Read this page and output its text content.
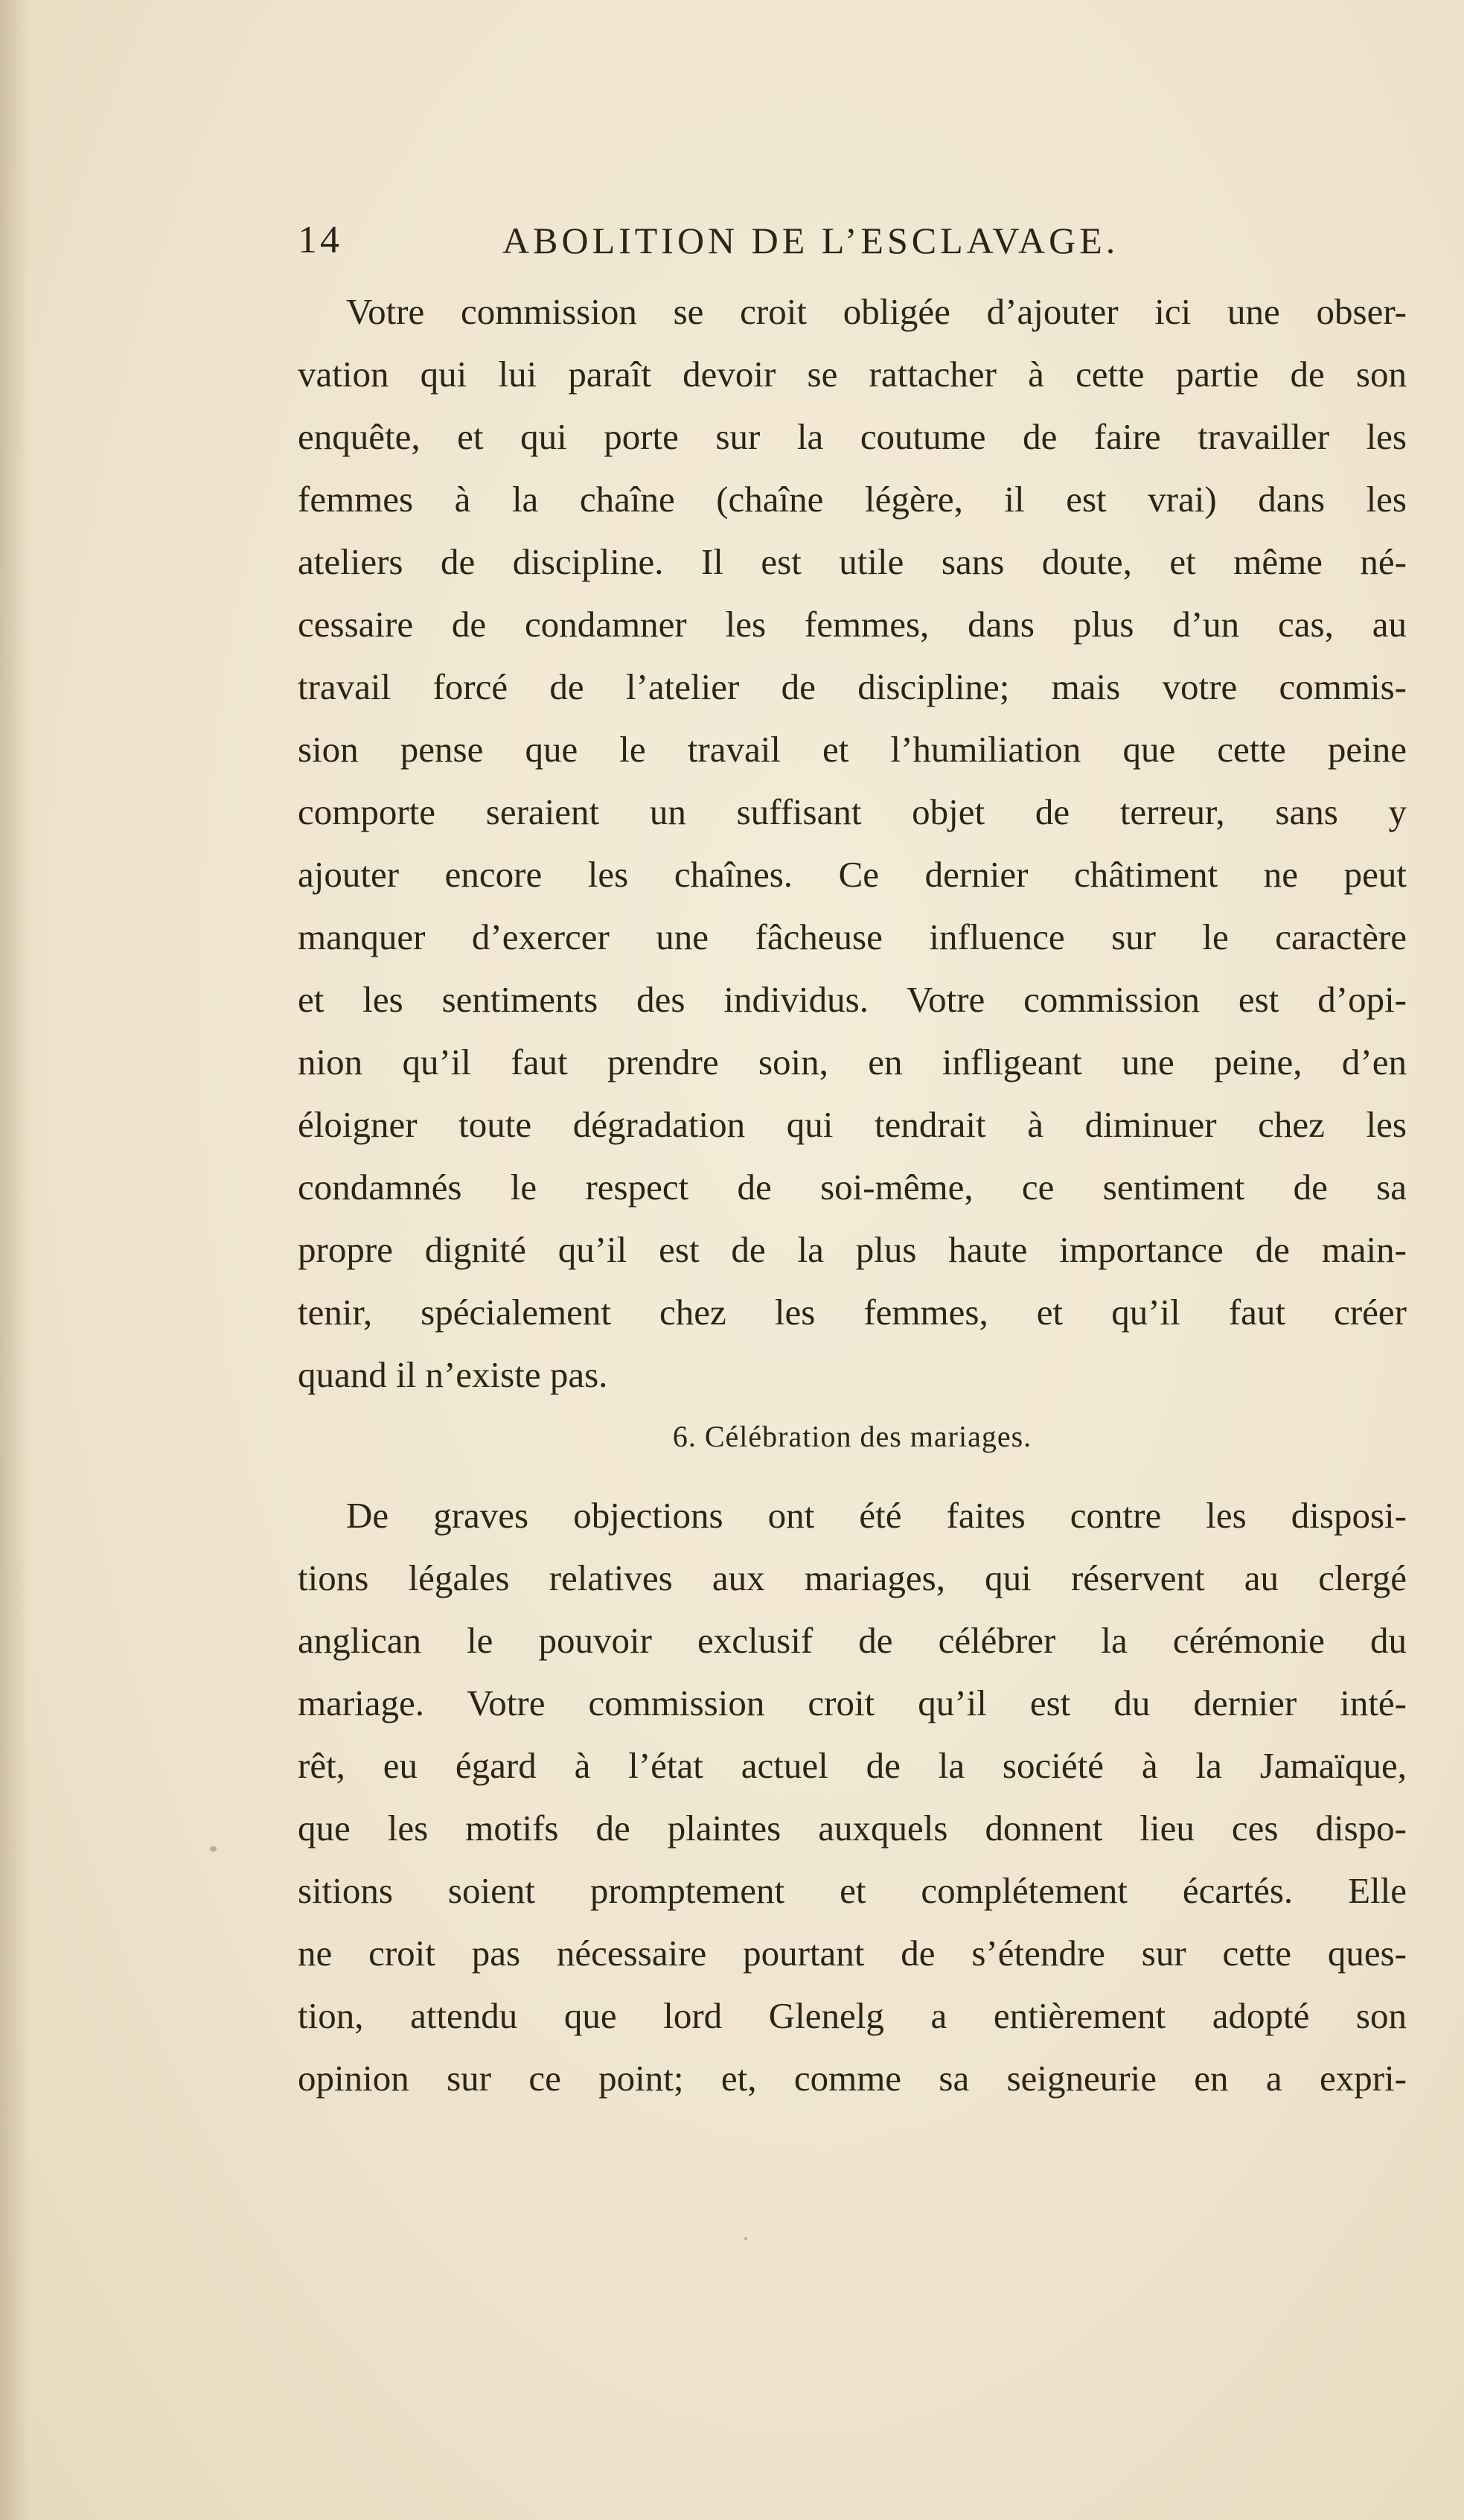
14	ABOLITION DE L’ESCLAVAGE.
Votre commission se croit obligée d’ajouter ici une obser-
vation qui lui paraît devoir se rattacher à cette partie de son
enquête, et qui porte sur la coutume de faire travailler les
femmes à la chaîne (chaîne légère, il est vrai) dans les
ateliers de discipline. Il est utile sans doute, et même né-
cessaire de condamner les femmes, dans plus d’un cas, au
travail forcé de l’atelier de discipline; mais votre commis-
sion pense que le travail et l’humiliation que cette peine
comporte seraient un suffisant objet de terreur, sans y
ajouter encore les chaînes. Ce dernier châtiment ne peut
manquer d’exercer une fâcheuse influence sur le caractère
et les sentiments des individus. Votre commission est d’opi-
nion qu’il faut prendre soin, en infligeant une peine, d’en
éloigner toute dégradation qui tendrait à diminuer chez les
condamnés le respect de soi-même, ce sentiment de sa
propre dignité qu’il est de la plus haute importance de main-
tenir, spécialement chez les femmes, et qu’il faut créer
quand il n’existe pas.
6. Célébration des mariages.
De graves objections ont été faites contre les disposi-
tions légales relatives aux mariages, qui réservent au clergé
anglican le pouvoir exclusif de célébrer la cérémonie du
mariage. Votre commission croit qu’il est du dernier inté-
rêt, eu égard à l’état actuel de la société à la Jamaïque,
que les motifs de plaintes auxquels donnent lieu ces dispo-
sitions soient promptement et complétement écartés. Elle
ne croit pas nécessaire pourtant de s’étendre sur cette ques-
tion, attendu que lord Glenelg a entièrement adopté son
opinion sur ce point; et, comme sa seigneurie en a expri-
